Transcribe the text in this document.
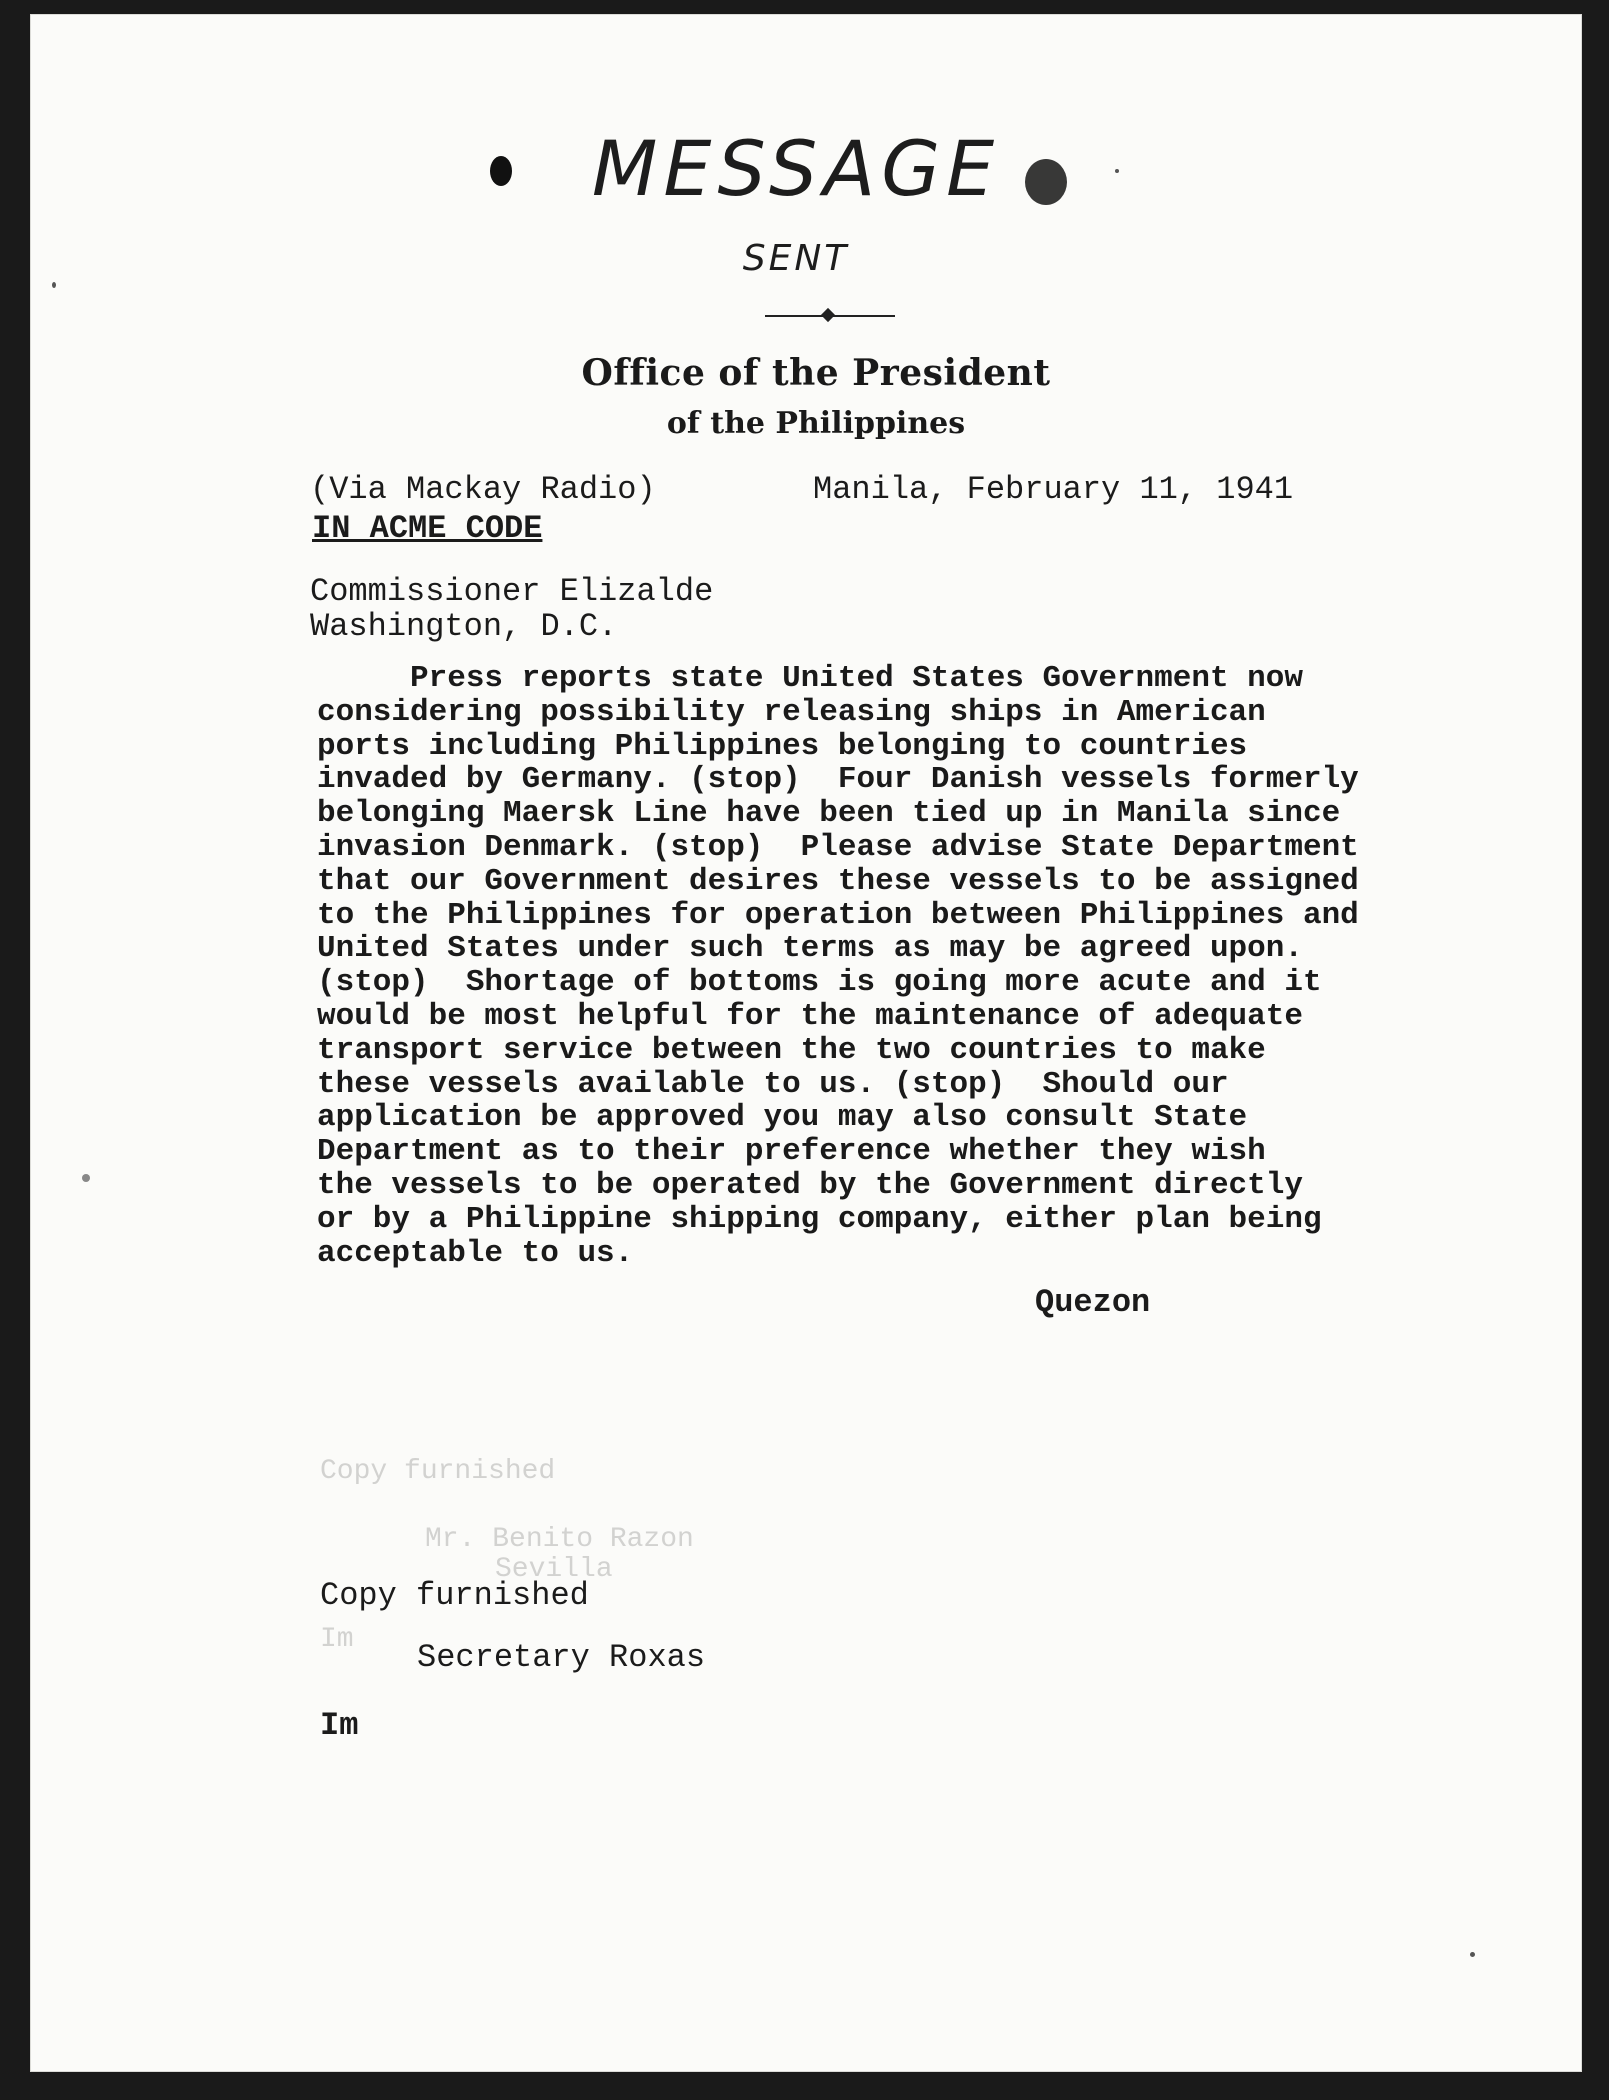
MESSAGE
SENT
Office of the President
of the Philippines
(Via Mackay Radio)	Manila, February 11, 1941
IN ACME CODE
Commissioner Elizalde
Washington, D.C.
Press reports state United States Government now
considering possibility releasing ships in American
ports including Philippines belonging to countries
invaded by Germany. (stop)  Four Danish vessels formerly
belonging Maersk Line have been tied up in Manila since
invasion Denmark. (stop)  Please advise State Department
that our Government desires these vessels to be assigned
to the Philippines for operation between Philippines and
United States under such terms as may be agreed upon.
(stop)  Shortage of bottoms is going more acute and it
would be most helpful for the maintenance of adequate
transport service between the two countries to make
these vessels available to us. (stop)  Should our
application be approved you may also consult State
Department as to their preference whether they wish
the vessels to be operated by the Government directly
or by a Philippine shipping company, either plan being
acceptable to us.
Quezon
Copy furnished
Mr. Benito Razon
Sevilla
Im
Copy furnished
Secretary Roxas
Im
